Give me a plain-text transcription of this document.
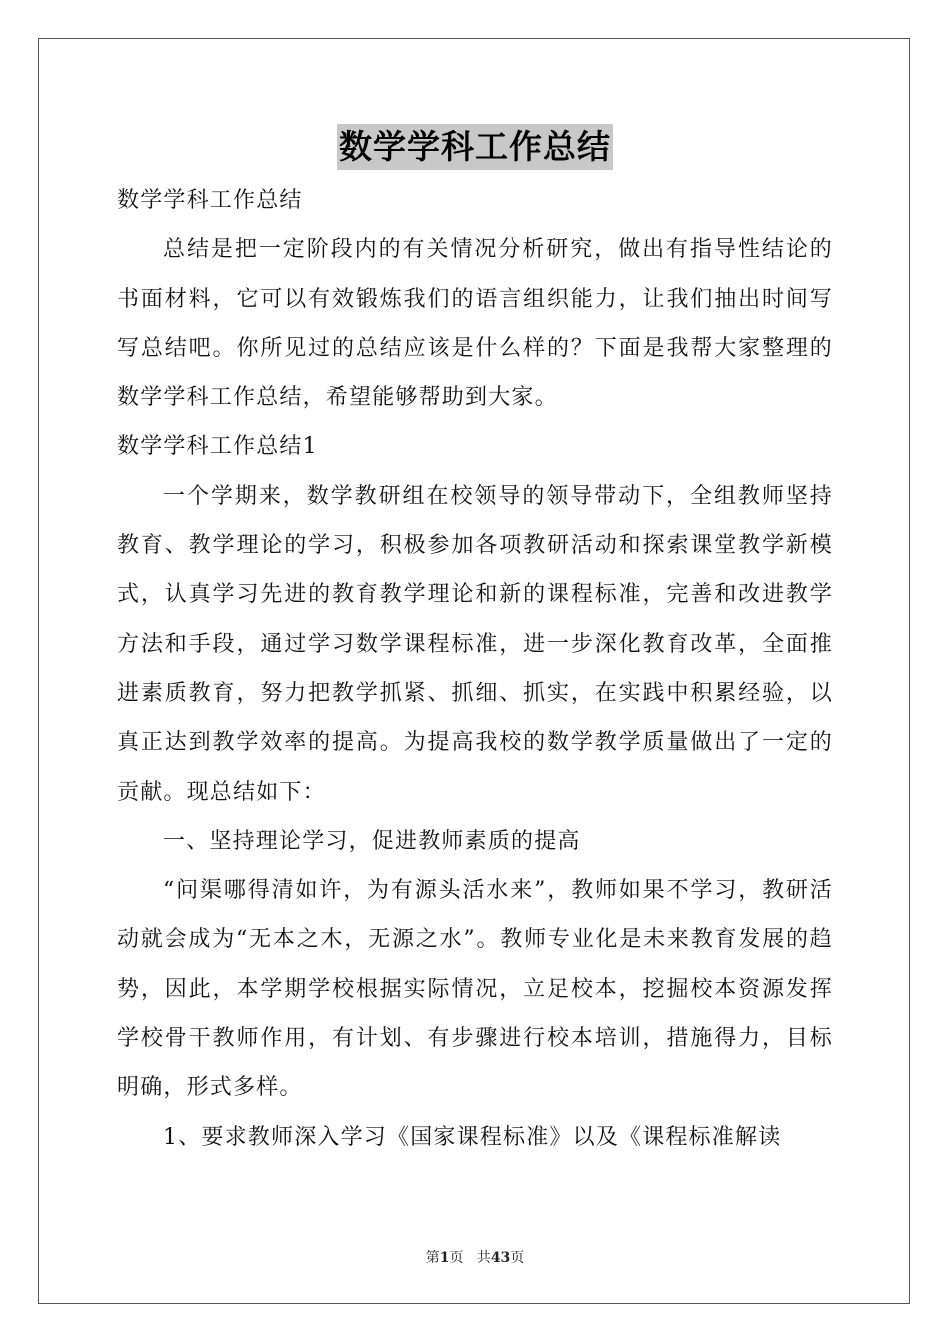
数学学科工作总结

数学学科工作总结

总结是把一定阶段内的有关情况分析研究，做出有指导性结论的书面材料，它可以有效锻炼我们的语言组织能力，让我们抽出时间写写总结吧。你所见过的总结应该是什么样的？下面是我帮大家整理的数学学科工作总结，希望能够帮助到大家。

数学学科工作总结1

一个学期来，数学教研组在校领导的领导带动下，全组教师坚持教育、教学理论的学习，积极参加各项教研活动和探索课堂教学新模式，认真学习先进的教育教学理论和新的课程标准，完善和改进教学方法和手段，通过学习数学课程标准，进一步深化教育改革，全面推进素质教育，努力把教学抓紧、抓细、抓实，在实践中积累经验，以真正达到教学效率的提高。为提高我校的数学教学质量做出了一定的贡献。现总结如下：

一、坚持理论学习，促进教师素质的提高

“问渠哪得清如许，为有源头活水来”，教师如果不学习，教研活动就会成为“无本之木，无源之水”。教师专业化是未来教育发展的趋势，因此，本学期学校根据实际情况，立足校本，挖掘校本资源发挥学校骨干教师作用，有计划、有步骤进行校本培训，措施得力，目标明确，形式多样。

1、要求教师深入学习《国家课程标准》以及《课程标准解读

第1页 共43页
